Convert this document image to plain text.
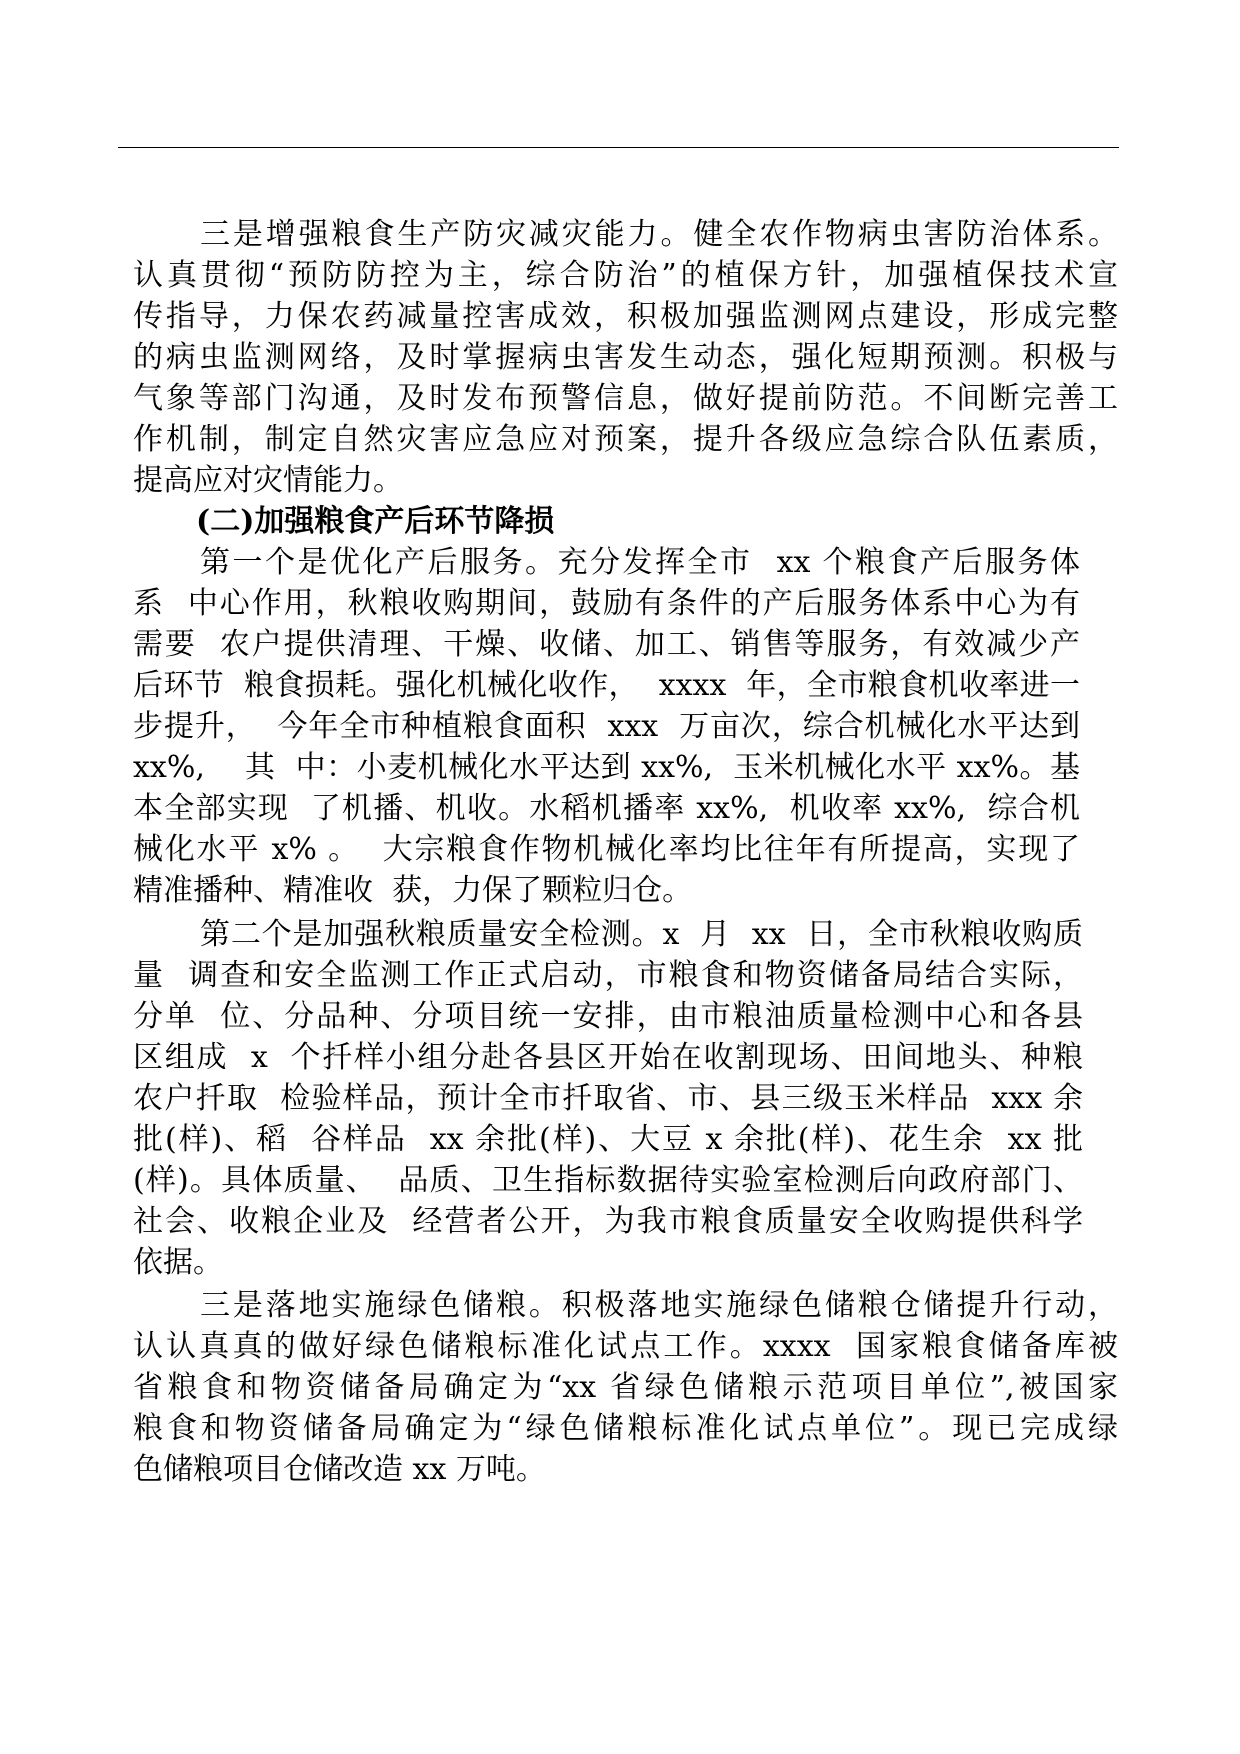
三是增强粮食生产防灾减灾能力。健全农作物病虫害防治体系。
认真贯彻“预防防控为主，综合防治”的植保方针，加强植保技术宣
传指导，力保农药减量控害成效，积极加强监测网点建设，形成完整
的病虫监测网络，及时掌握病虫害发生动态，强化短期预测。积极与
气象等部门沟通，及时发布预警信息，做好提前防范。不间断完善工
作机制，制定自然灾害应急应对预案，提升各级应急综合队伍素质，
提高应对灾情能力。
(二)加强粮食产后环节降损
第一个是优化产后服务。充分发挥全市  xx 个粮食产后服务体
系  中心作用，秋粮收购期间，鼓励有条件的产后服务体系中心为有
需要  农户提供清理、干燥、收储、加工、销售等服务，有效减少产
后环节  粮食损耗。强化机械化收作，  xxxx  年，全市粮食机收率进一
步提升，  今年全市种植粮食面积  xxx  万亩次，综合机械化水平达到
xx%,    其  中：小麦机械化水平达到 xx%,  玉米机械化水平 xx%。基
本全部实现  了机播、机收。水稻机播率 xx%,  机收率 xx%,  综合机
械化水平 x% 。  大宗粮食作物机械化率均比往年有所提高，实现了
精准播种、精准收  获，力保了颗粒归仓。
第二个是加强秋粮质量安全检测。x  月  xx  日，全市秋粮收购质
量  调查和安全监测工作正式启动，市粮食和物资储备局结合实际，
分单  位、分品种、分项目统一安排，由市粮油质量检测中心和各县
区组成  x  个扦样小组分赴各县区开始在收割现场、田间地头、种粮
农户扦取  检验样品，预计全市扦取省、市、县三级玉米样品  xxx 余
批(样)、稻  谷样品  xx 余批(样)、大豆 x 余批(样)、花生余  xx 批
(样)。具体质量、  品质、卫生指标数据待实验室检测后向政府部门、
社会、收粮企业及  经营者公开，为我市粮食质量安全收购提供科学
依据。
三是落地实施绿色储粮。积极落地实施绿色储粮仓储提升行动，
认认真真的做好绿色储粮标准化试点工作。xxxx  国家粮食储备库被
省粮食和物资储备局确定为“xx 省绿色储粮示范项目单位”,被国家
粮食和物资储备局确定为“绿色储粮标准化试点单位”。现已完成绿
色储粮项目仓储改造 xx 万吨。
